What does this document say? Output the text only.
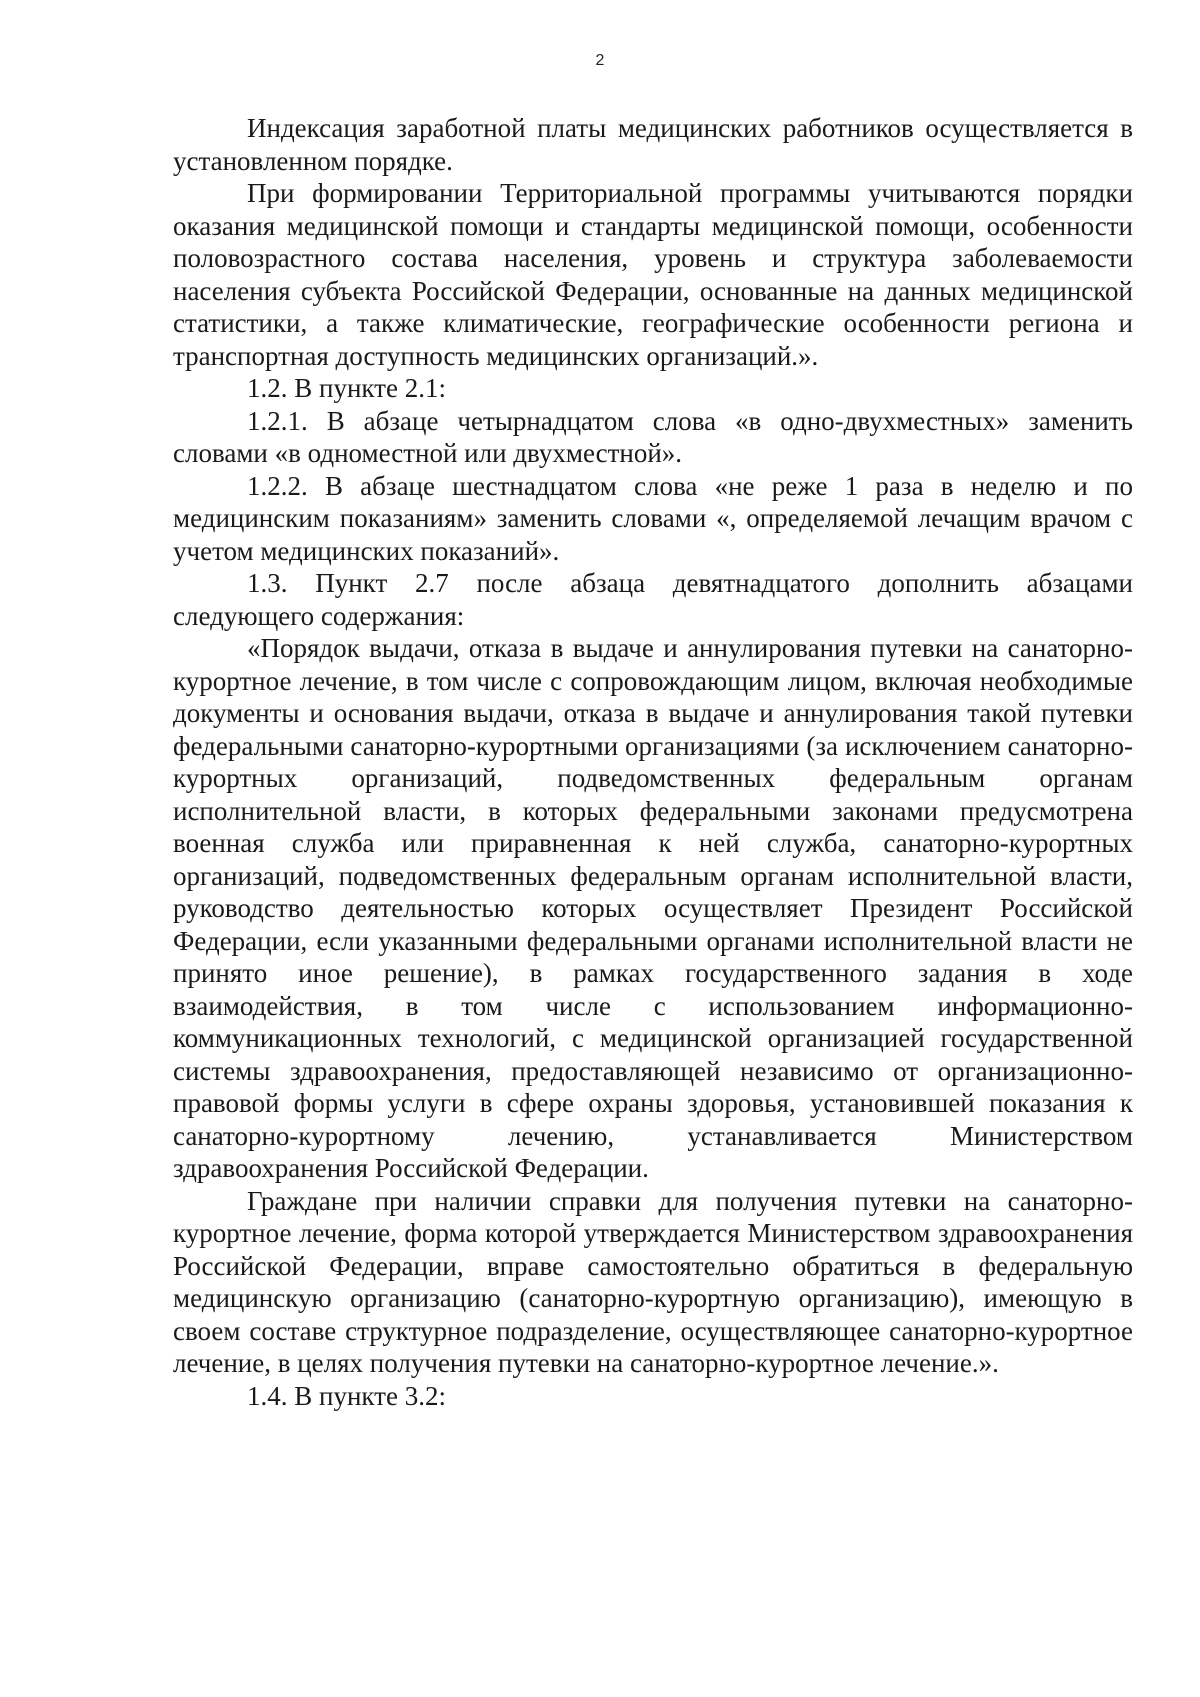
2

Индексация заработной платы медицинских работников осуществляется в установленном порядке.

При формировании Территориальной программы учитываются порядки оказания медицинской помощи и стандарты медицинской помощи, особенности половозрастного состава населения, уровень и структура заболеваемости населения субъекта Российской Федерации, основанные на данных медицинской статистики, а также климатические, географические особенности региона и транспортная доступность медицинских организаций.».

1.2. В пункте 2.1:

1.2.1. В абзаце четырнадцатом слова «в одно-двухместных» заменить словами «в одноместной или двухместной».

1.2.2. В абзаце шестнадцатом слова «не реже 1 раза в неделю и по медицинским показаниям» заменить словами «, определяемой лечащим врачом с учетом медицинских показаний».

1.3. Пункт 2.7 после абзаца девятнадцатого дополнить абзацами следующего содержания:

«Порядок выдачи, отказа в выдаче и аннулирования путевки на санаторно-курортное лечение, в том числе с сопровождающим лицом, включая необходимые документы и основания выдачи, отказа в выдаче и аннулирования такой путевки федеральными санаторно-курортными организациями (за исключением санаторно-курортных организаций, подведомственных федеральным органам исполнительной власти, в которых федеральными законами предусмотрена военная служба или приравненная к ней служба, санаторно-курортных организаций, подведомственных федеральным органам исполнительной власти, руководство деятельностью которых осуществляет Президент Российской Федерации, если указанными федеральными органами исполнительной власти не принято иное решение), в рамках государственного задания в ходе взаимодействия, в том числе с использованием информационно-коммуникационных технологий, с медицинской организацией государственной системы здравоохранения, предоставляющей независимо от организационно-правовой формы услуги в сфере охраны здоровья, установившей показания к санаторно-курортному лечению, устанавливается Министерством здравоохранения Российской Федерации.

Граждане при наличии справки для получения путевки на санаторно-курортное лечение, форма которой утверждается Министерством здравоохранения Российской Федерации, вправе самостоятельно обратиться в федеральную медицинскую организацию (санаторно-курортную организацию), имеющую в своем составе структурное подразделение, осуществляющее санаторно-курортное лечение, в целях получения путевки на санаторно-курортное лечение.».

1.4. В пункте 3.2:
